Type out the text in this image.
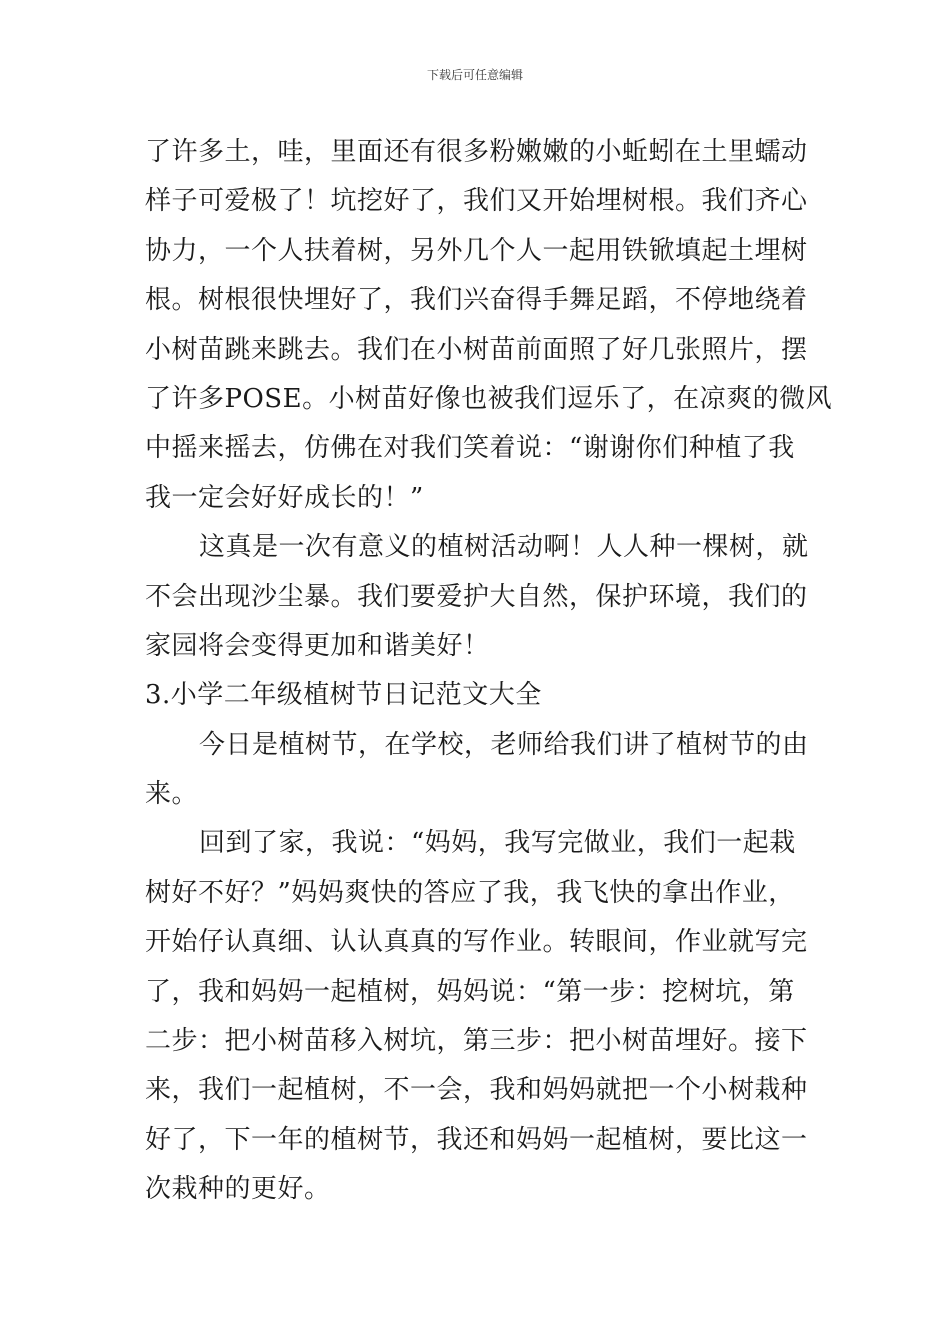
下载后可任意编辑
了许多土，哇，里面还有很多粉嫩嫩的小蚯蚓在土里蠕动
样子可爱极了！坑挖好了，我们又开始埋树根。我们齐心
协力，一个人扶着树，另外几个人一起用铁锨填起土埋树
根。树根很快埋好了，我们兴奋得手舞足蹈，不停地绕着
小树苗跳来跳去。我们在小树苗前面照了好几张照片，摆
了许多POSE。小树苗好像也被我们逗乐了，在凉爽的微风
中摇来摇去，仿佛在对我们笑着说：“谢谢你们种植了我
我一定会好好成长的！”
这真是一次有意义的植树活动啊！人人种一棵树，就
不会出现沙尘暴。我们要爱护大自然，保护环境，我们的
家园将会变得更加和谐美好！
3.小学二年级植树节日记范文大全
今日是植树节，在学校，老师给我们讲了植树节的由
来。
回到了家，我说：“妈妈，我写完做业，我们一起栽
树好不好？”妈妈爽快的答应了我，我飞快的拿出作业，
开始仔认真细、认认真真的写作业。转眼间，作业就写完
了，我和妈妈一起植树，妈妈说：“第一步：挖树坑，第
二步：把小树苗移入树坑，第三步：把小树苗埋好。接下
来，我们一起植树，不一会，我和妈妈就把一个小树栽种
好了，下一年的植树节，我还和妈妈一起植树，要比这一
次栽种的更好。
